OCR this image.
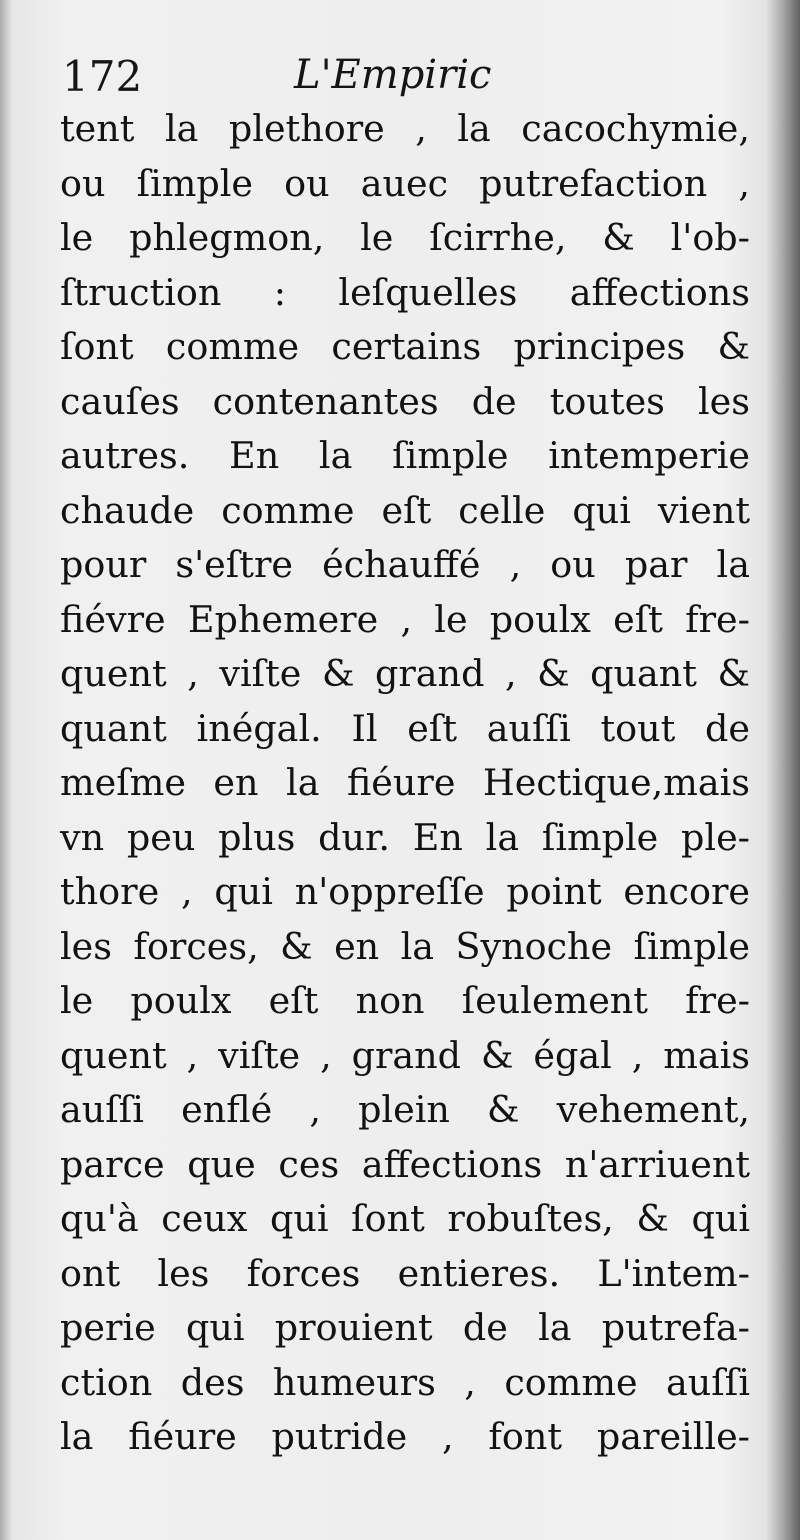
172	L'Empiric
tent la plethore , la cacochymie,
ou ſimple ou auec putrefaction ,
le phlegmon, le ſcirrhe, & l'ob-
ſtruction : leſquelles affections
ſont comme certains principes &
cauſes contenantes de toutes les
autres. En la ſimple intemperie
chaude comme eſt celle qui vient
pour s'eſtre échauffé , ou par la
fiévre Ephemere , le poulx eſt fre-
quent , viſte & grand , & quant &
quant inégal. Il eſt auſſi tout de
meſme en la fiéure Hectique,mais
vn peu plus dur. En la ſimple ple-
thore , qui n'oppreſſe point encore
les forces, & en la Synoche ſimple
le poulx eſt non ſeulement fre-
quent , viſte , grand & égal , mais
auſſi enflé , plein & vehement,
parce que ces affections n'arriuent
qu'à ceux qui ſont robuſtes, & qui
ont les forces entieres. L'intem-
perie qui prouient de la putrefa-
ction des humeurs , comme auſſi
la fiéure putride , font pareille-
